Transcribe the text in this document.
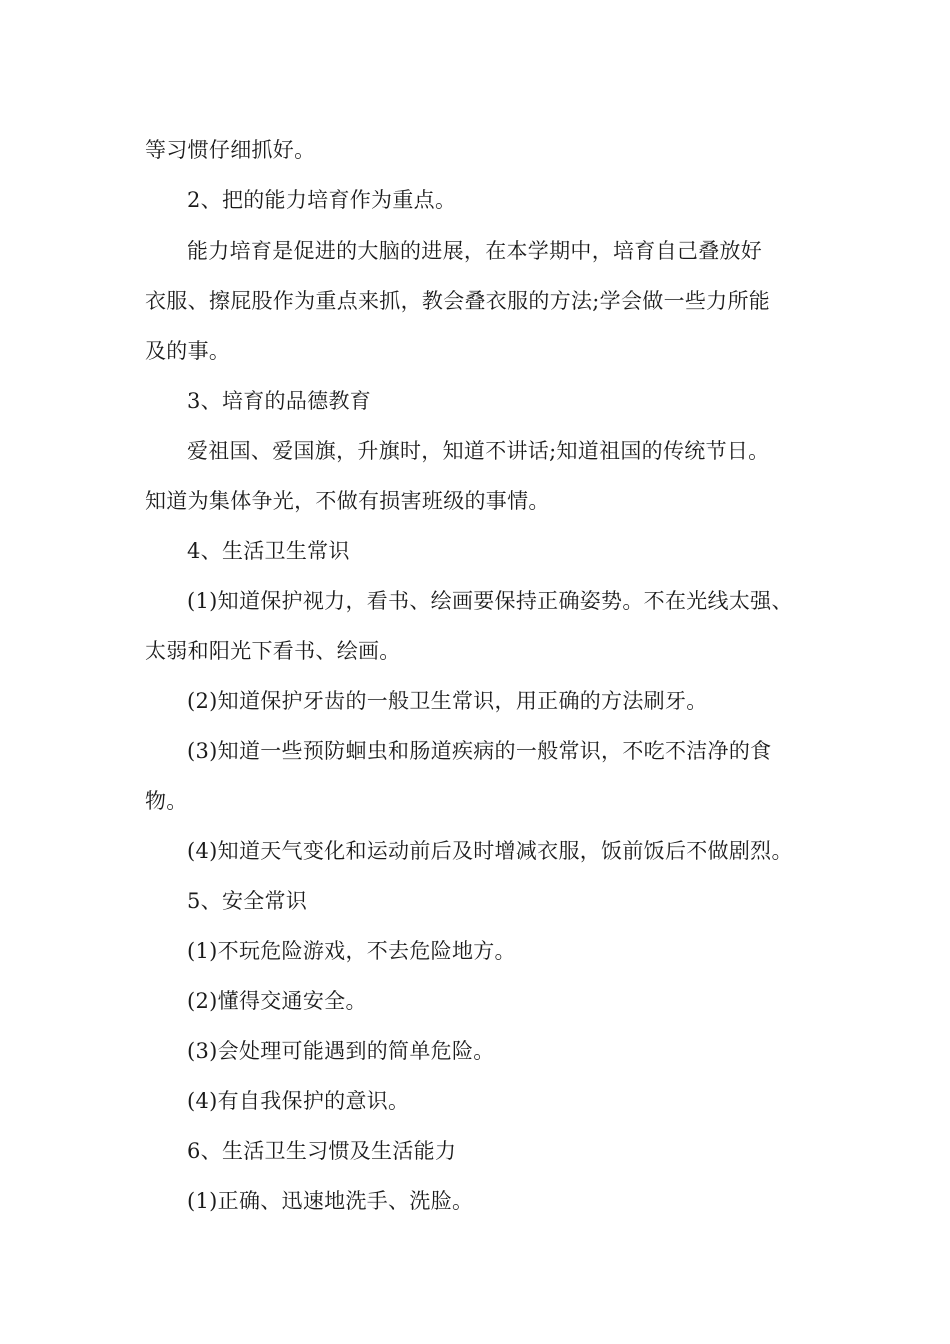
等习惯仔细抓好。
2、把的能力培育作为重点。
能力培育是促进的大脑的进展，在本学期中，培育自己叠放好
衣服、擦屁股作为重点来抓，教会叠衣服的方法;学会做一些力所能
及的事。
3、培育的品德教育
爱祖国、爱国旗，升旗时，知道不讲话;知道祖国的传统节日。
知道为集体争光，不做有损害班级的事情。
4、生活卫生常识
(1)知道保护视力，看书、绘画要保持正确姿势。不在光线太强、
太弱和阳光下看书、绘画。
(2)知道保护牙齿的一般卫生常识，用正确的方法刷牙。
(3)知道一些预防蛔虫和肠道疾病的一般常识，不吃不洁净的食
物。
(4)知道天气变化和运动前后及时增减衣服，饭前饭后不做剧烈。
5、安全常识
(1)不玩危险游戏，不去危险地方。
(2)懂得交通安全。
(3)会处理可能遇到的简单危险。
(4)有自我保护的意识。
6、生活卫生习惯及生活能力
(1)正确、迅速地洗手、洗脸。
